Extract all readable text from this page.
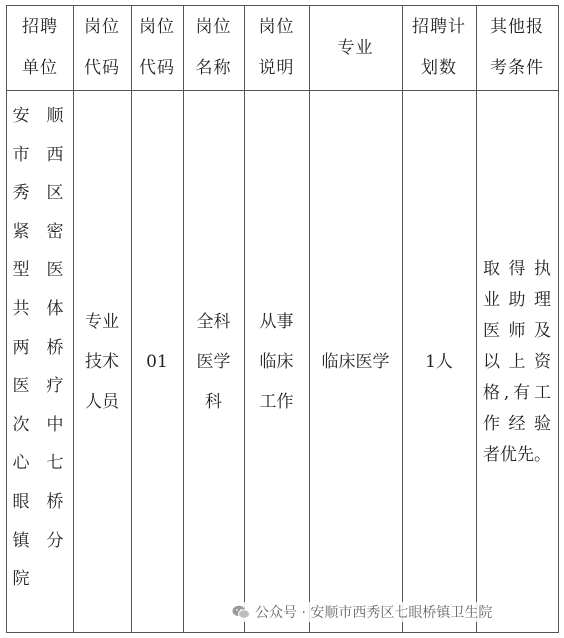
招聘
单位
岗位
代码
岗位
代码
岗位
名称
岗位
说明
专业
招聘计
划数
其他报
考条件
安
市
秀
紧
型
共
两
医
次
心
眼
镇
院
顺
西
区
密
医
体
桥
疗
中
七
桥
分
专业
技术
人员
01
全科
医学
科
从事
临床
工作
临床医学 1人
取得执
业助理
医师及
以上资
格,有工
作经验
者优先。
公众号 · 安顺市西秀区七眼桥镇卫生院
